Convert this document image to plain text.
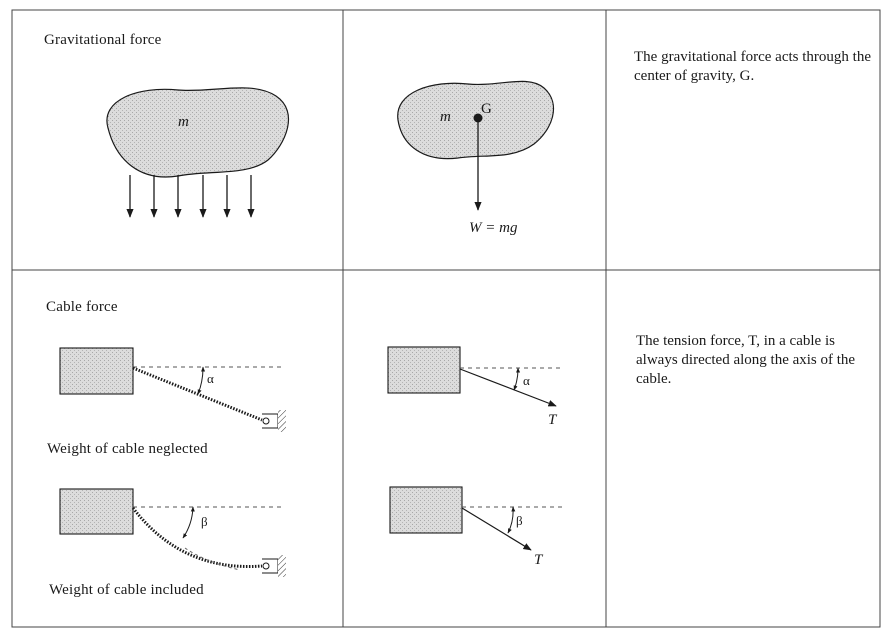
Gravitational force
m	m G
W = mg
The gravitational force acts through the center of gravity, G.
Cable force
Weight of cable neglected
Weight of cable included
α
β
α
β
T
T
The tension force, T, in a cable is always directed along the axis of the cable.
